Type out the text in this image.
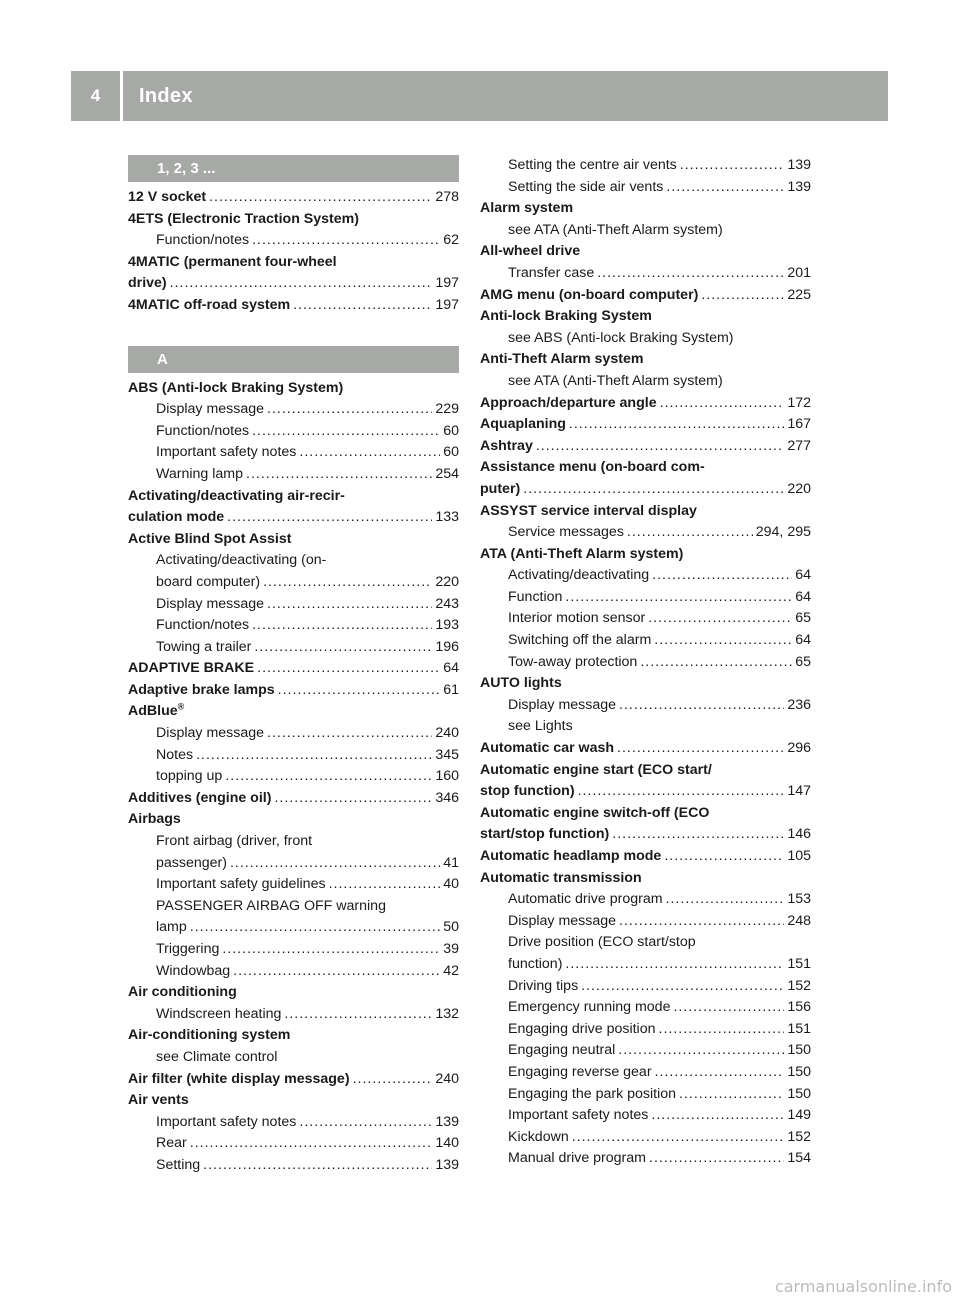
4	Index
1, 2, 3 ...
12 V socket .....	278
4ETS (Electronic Traction System)
Function/notes .....	62
4MATIC (permanent four-wheel
drive) .....	197
4MATIC off-road system .....	197
A
ABS (Anti-lock Braking System)
Display message .....	229
Function/notes .....	60
Important safety notes .....	60
Warning lamp .....	254
Activating/deactivating air-recir-
culation mode .....	133
Active Blind Spot Assist
Activating/deactivating (on-
board computer) .....	220
Display message .....	243
Function/notes .....	193
Towing a trailer .....	196
ADAPTIVE BRAKE .....	64
Adaptive brake lamps .....	61
AdBlue®
Display message .....	240
Notes .....	345
topping up .....	160
Additives (engine oil) .....	346
Airbags
Front airbag (driver, front
passenger) .....	41
Important safety guidelines .....	40
PASSENGER AIRBAG OFF warning
lamp .....	50
Triggering .....	39
Windowbag .....	42
Air conditioning
Windscreen heating .....	132
Air-conditioning system
see Climate control
Air filter (white display message) .....	240
Air vents
Important safety notes .....	139
Rear .....	140
Setting .....	139
Setting the centre air vents .....	139
Setting the side air vents .....	139
Alarm system
see ATA (Anti-Theft Alarm system)
All-wheel drive
Transfer case .....	201
AMG menu (on-board computer) .....	225
Anti-lock Braking System
see ABS (Anti-lock Braking System)
Anti-Theft Alarm system
see ATA (Anti-Theft Alarm system)
Approach/departure angle .....	172
Aquaplaning .....	167
Ashtray .....	277
Assistance menu (on-board com-
puter) .....	220
ASSYST service interval display
Service messages .....	294, 295
ATA (Anti-Theft Alarm system)
Activating/deactivating .....	64
Function .....	64
Interior motion sensor .....	65
Switching off the alarm .....	64
Tow-away protection .....	65
AUTO lights
Display message .....	236
see Lights
Automatic car wash .....	296
Automatic engine start (ECO start/
stop function) .....	147
Automatic engine switch-off (ECO
start/stop function) .....	146
Automatic headlamp mode .....	105
Automatic transmission
Automatic drive program .....	153
Display message .....	248
Drive position (ECO start/stop
function) .....	151
Driving tips .....	152
Emergency running mode .....	156
Engaging drive position .....	151
Engaging neutral .....	150
Engaging reverse gear .....	150
Engaging the park position .....	150
Important safety notes .....	149
Kickdown .....	152
Manual drive program .....	154
carmanualsonline.info
